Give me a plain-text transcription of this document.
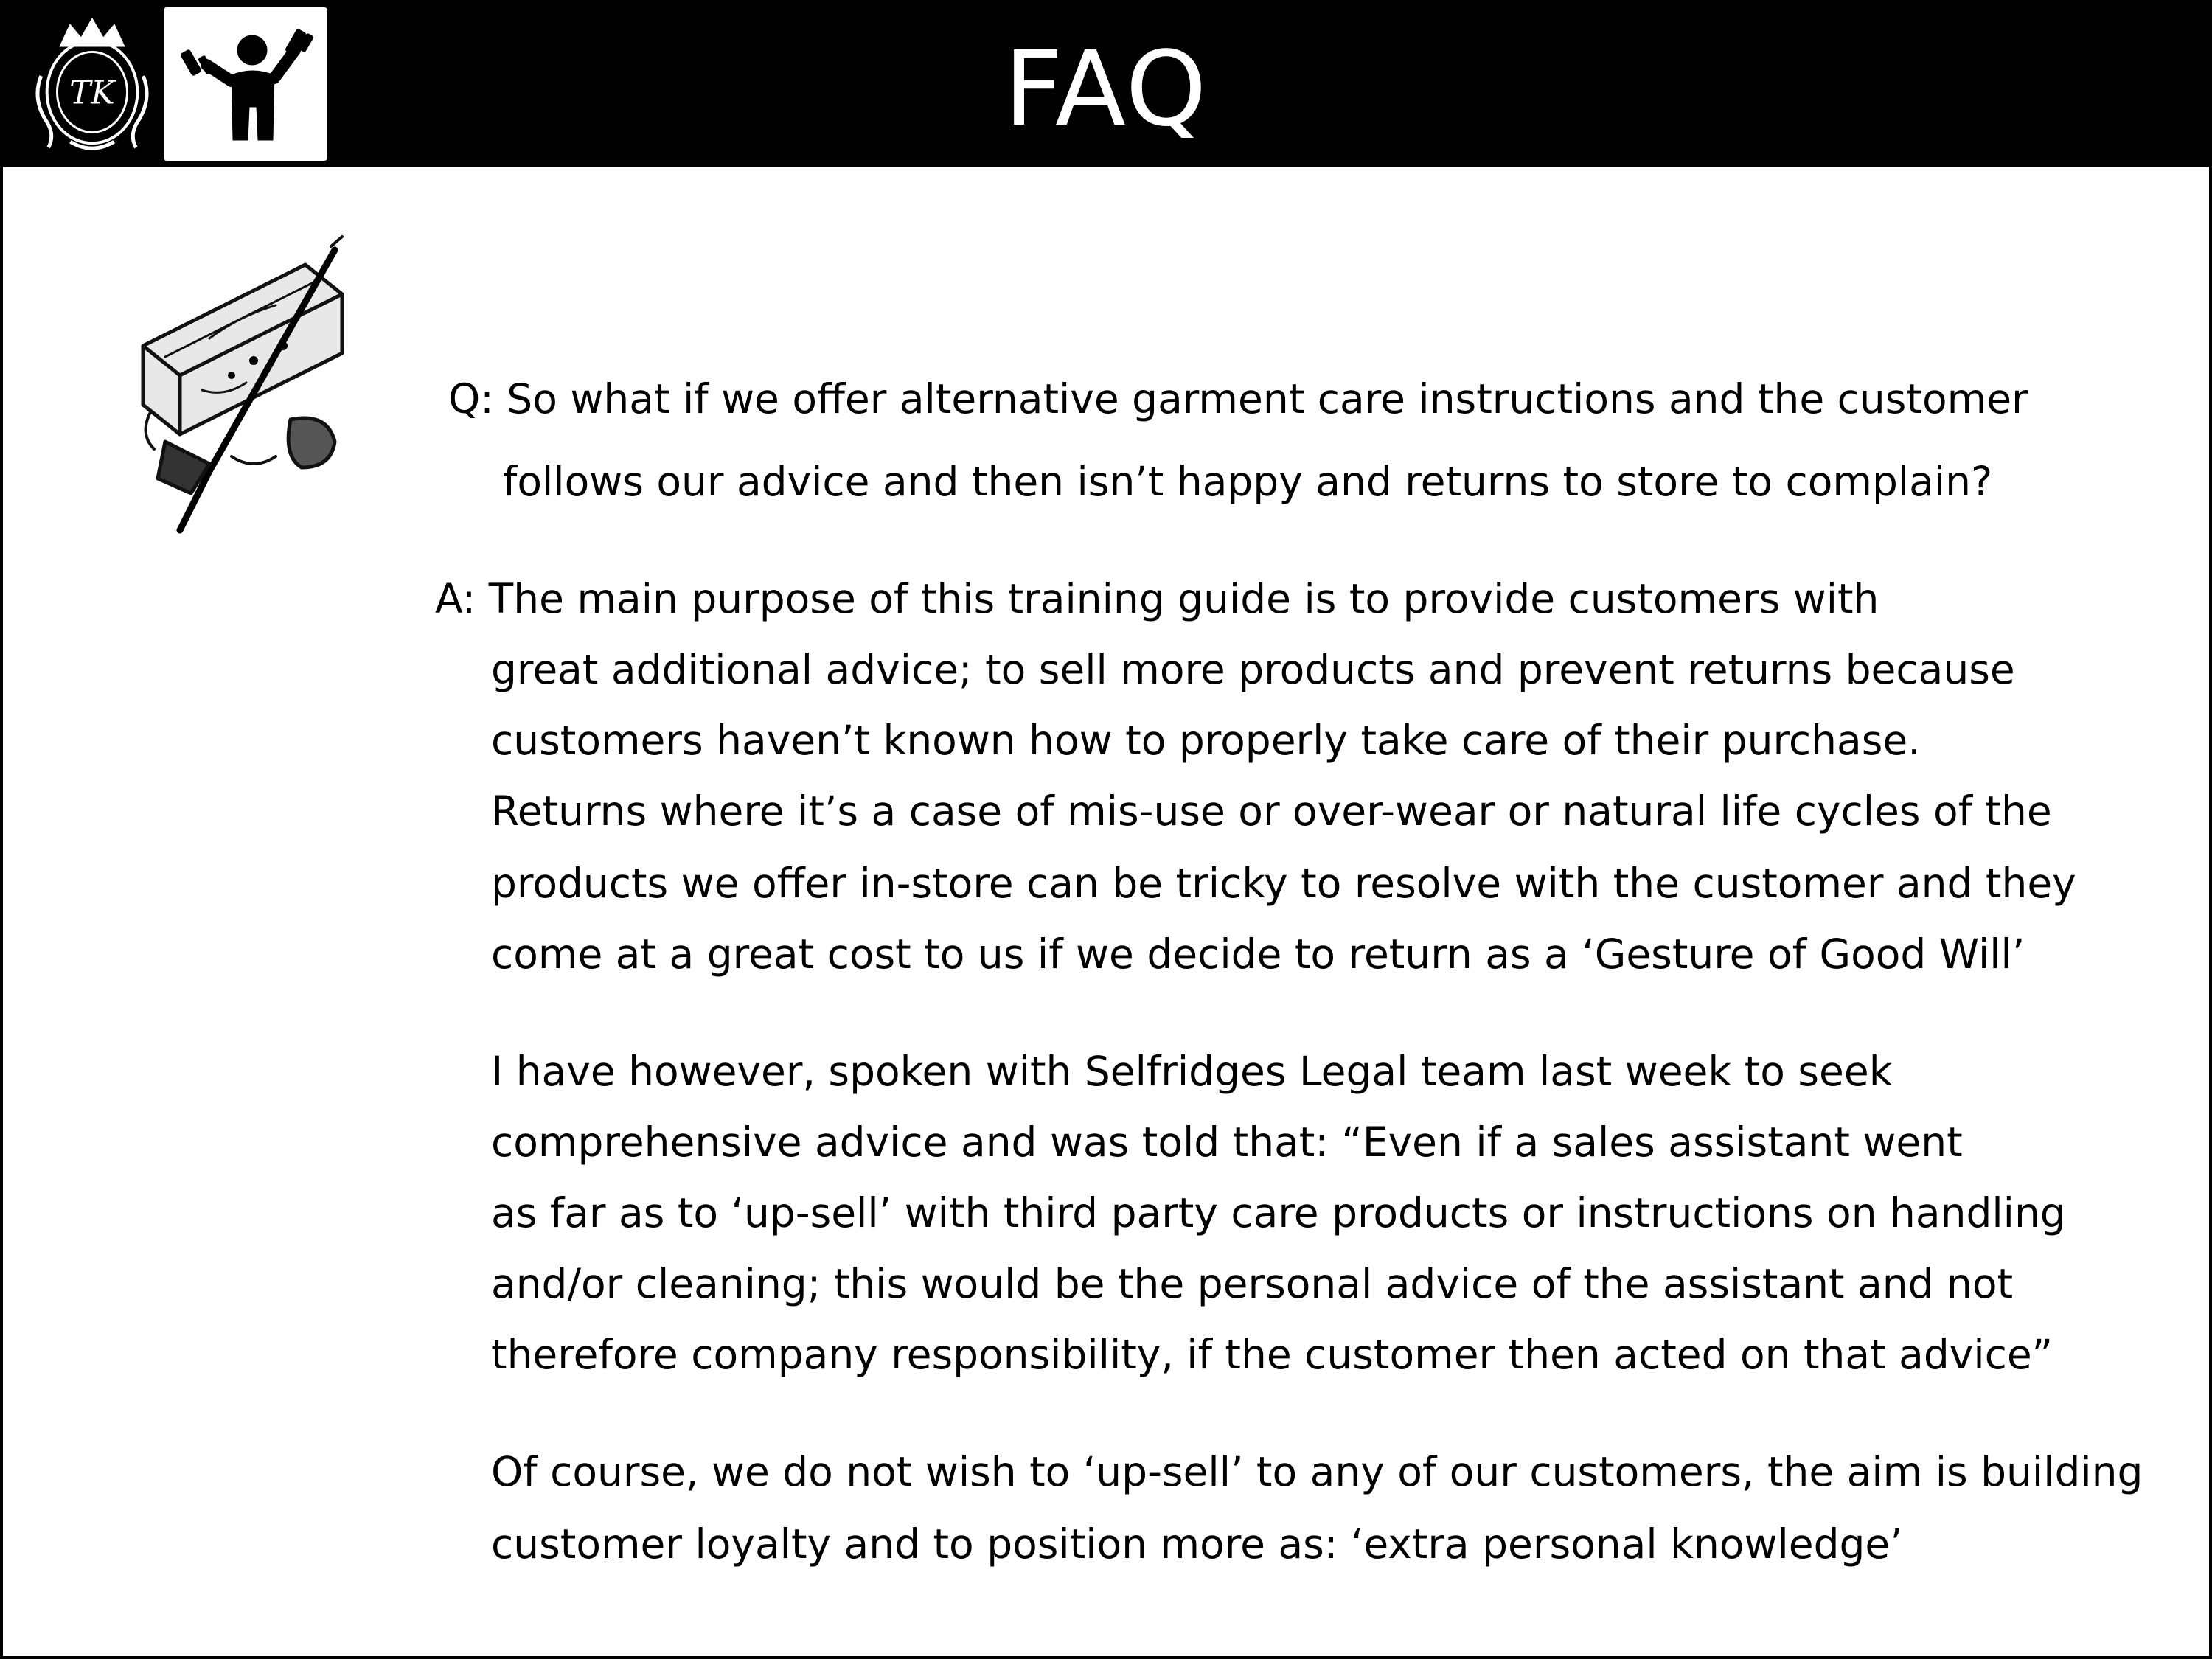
TK	FAQ
Q: So what if we offer alternative garment care instructions and the customer
follows our advice and then isn’t happy and returns to store to complain?
A: The main purpose of this training guide is to provide customers with
great additional advice; to sell more products and prevent returns because
customers haven’t known how to properly take care of their purchase.
Returns where it’s a case of mis-use or over-wear or natural life cycles of the
products we offer in-store can be tricky to resolve with the customer and they
come at a great cost to us if we decide to return as a ‘Gesture of Good Will’
I have however, spoken with Selfridges Legal team last week to seek
comprehensive advice and was told that: “Even if a sales assistant went
as far as to ‘up-sell’ with third party care products or instructions on handling
and/or cleaning; this would be the personal advice of the assistant and not
therefore company responsibility, if the customer then acted on that advice”
Of course, we do not wish to ‘up-sell’ to any of our customers, the aim is building
customer loyalty and to position more as: ‘extra personal knowledge’
